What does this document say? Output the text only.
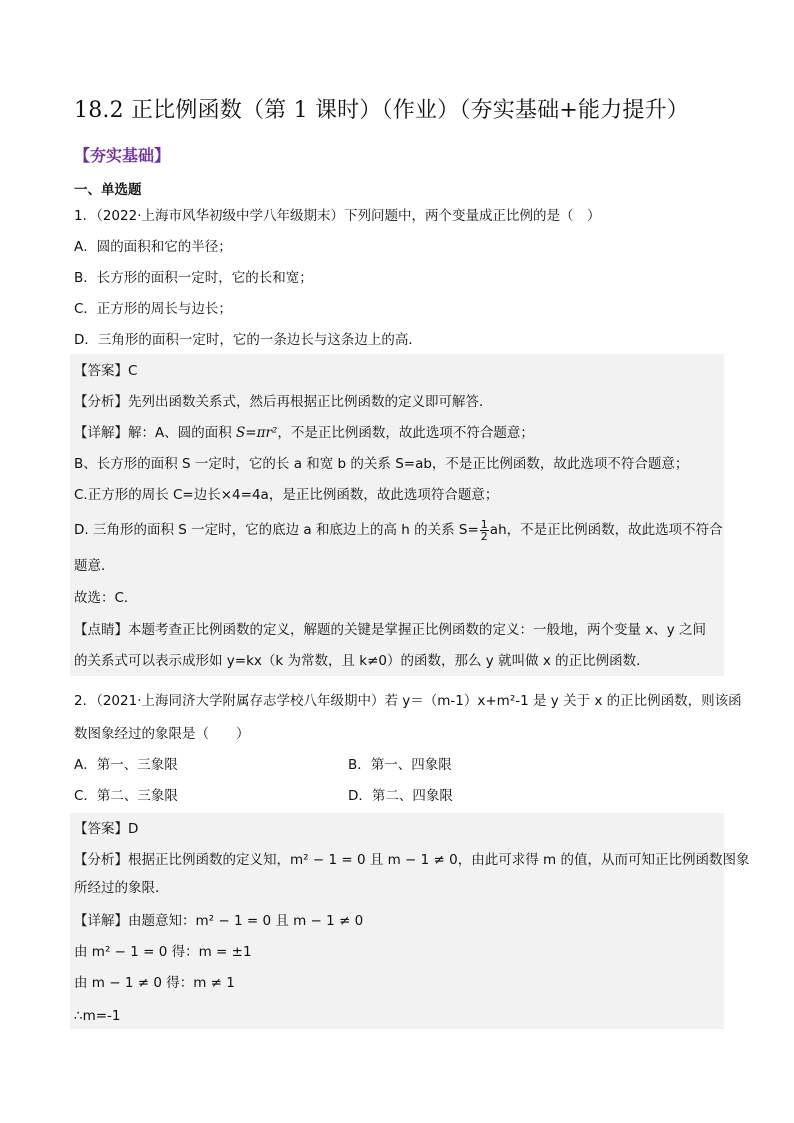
18.2 正比例函数（第 1 课时）（作业）（夯实基础+能力提升）
【夯实基础】
一、单选题
1．（2022·上海市风华初级中学八年级期末）下列问题中，两个变量成正比例的是（　）
A．圆的面积和它的半径；
B．长方形的面积一定时，它的长和宽；
C．正方形的周长与边长；
D．三角形的面积一定时，它的一条边长与这条边上的高．
【答案】C
【分析】先列出函数关系式，然后再根据正比例函数的定义即可解答．
【详解】解：A、圆的面积 S=πr²，不是正比例函数，故此选项不符合题意；
B、长方形的面积 S 一定时，它的长 a 和宽 b 的关系 S=ab，不是正比例函数，故此选项不符合题意；
C.正方形的周长 C=边长×4=4a，是正比例函数，故此选项符合题意；
D. 三角形的面积 S 一定时，它的底边 a 和底边上的高 h 的关系 $S= \frac{1}{2}$ ah，不是正比例函数，故此选项不符合
题意．
故选：C．
【点睛】本题考查正比例函数的定义，解题的关键是掌握正比例函数的定义：一般地，两个变量 x、y 之间
的关系式可以表示成形如 y=kx（k 为常数，且 k≠0）的函数，那么 y 就叫做 x 的正比例函数．
2．（2021·上海同济大学附属存志学校八年级期中）若 y＝（m-1）x+m²-1 是 y 关于 x 的正比例函数，则该函
数图象经过的象限是（　　）
A．第一、三象限	B．第一、四象限
C．第二、三象限	D．第二、四象限
【答案】D
【分析】根据正比例函数的定义知，m² − 1 = 0 且 m − 1 ≠ 0，由此可求得 m 的值，从而可知正比例函数图象
所经过的象限．
【详解】由题意知：m² − 1 = 0 且 m − 1 ≠ 0
由 m² − 1 = 0 得：m = ±1
由 m − 1 ≠ 0 得：m ≠ 1
∴m=-1
